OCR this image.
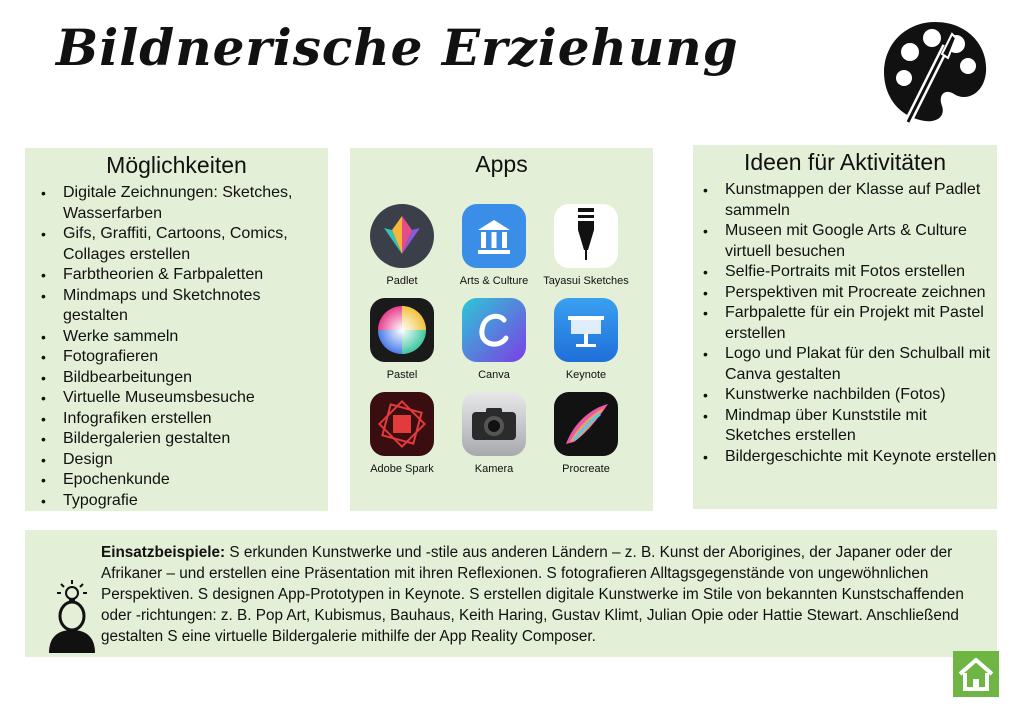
Bildnerische Erziehung
Möglichkeiten
• Digitale Zeichnungen: Sketches, Wasserfarben
• Gifs, Graffiti, Cartoons, Comics, Collages erstellen
• Farbtheorien & Farbpaletten
• Mindmaps und Sketchnotes gestalten
• Werke sammeln
• Fotografieren
• Bildbearbeitungen
• Virtuelle Museumsbesuche
• Infografiken erstellen
• Bildergalerien gestalten
• Design
• Epochenkunde
• Typografie
Apps
Padlet	Arts & Culture	Tayasui Sketches
Pastel	Canva	Keynote
Adobe Spark	Kamera	Procreate
Ideen für Aktivitäten
• Kunstmappen der Klasse auf Padlet sammeln
• Museen mit Google Arts & Culture virtuell besuchen
• Selfie-Portraits mit Fotos erstellen
• Perspektiven mit Procreate zeichnen
• Farbpalette für ein Projekt mit Pastel erstellen
• Logo und Plakat für den Schulball mit Canva gestalten
• Kunstwerke nachbilden (Fotos)
• Mindmap über Kunststile mit Sketches erstellen
• Bildergeschichte mit Keynote erstellen
Einsatzbeispiele: S erkunden Kunstwerke und -stile aus anderen Ländern – z. B. Kunst der Aborigines, der Japaner oder der Afrikaner – und erstellen eine Präsentation mit ihren Reflexionen. S fotografieren Alltagsgegenstände von ungewöhnlichen Perspektiven. S designen App-Prototypen in Keynote. S erstellen digitale Kunstwerke im Stile von bekannten Kunstschaffenden oder -richtungen: z. B. Pop Art, Kubismus, Bauhaus, Keith Haring, Gustav Klimt, Julian Opie oder Hattie Stewart. Anschließend gestalten S eine virtuelle Bildergalerie mithilfe der App Reality Composer.
